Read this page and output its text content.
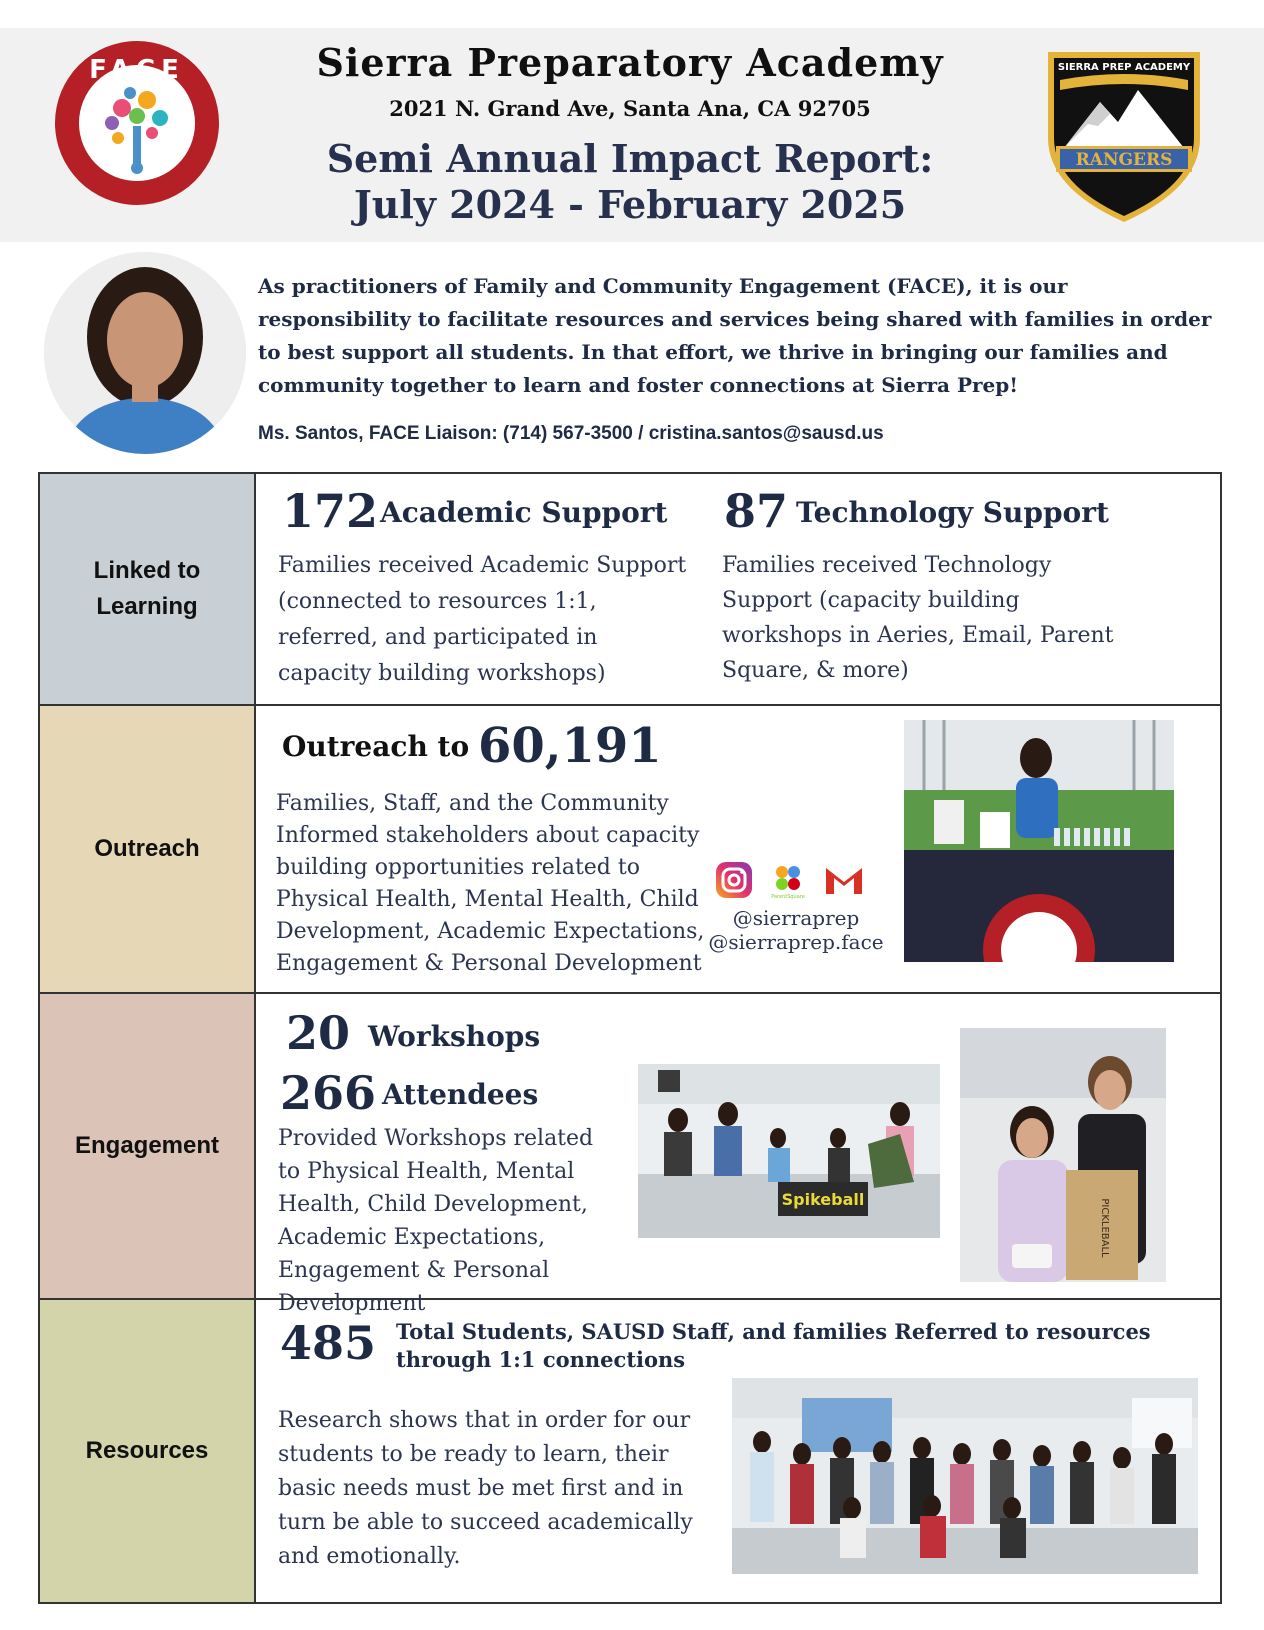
FACE	Sierra Preparatory Academy
2021 N. Grand Ave, Santa Ana, CA 92705
Semi Annual Impact Report:
July 2024 - February 2025
SIERRA PREP ACADEMY
RANGERS
As practitioners of Family and Community Engagement (FACE), it is our responsibility to facilitate resources and services being shared with families in order to best support all students. In that effort, we thrive in bringing our families and community together to learn and foster connections at Sierra Prep!
Ms. Santos, FACE Liaison: (714) 567-3500 / cristina.santos@sausd.us
Linked to
Learning
172 Academic Support
Families received Academic Support (connected to resources 1:1, referred, and participated in capacity building workshops)
87 Technology Support
Families received Technology Support (capacity building workshops in Aeries, Email, Parent Square, & more)
Outreach
Outreach to 60,191
Families, Staff, and the Community Informed stakeholders about capacity building opportunities related to Physical Health, Mental Health, Child Development, Academic Expectations, Engagement & Personal Development
ParentSquare
@sierraprep
@sierraprep.face
Engagement
20 Workshops
266 Attendees
Provided Workshops related to Physical Health, Mental Health, Child Development, Academic Expectations, Engagement & Personal Development
Spikeball	PICKLEBALL
Resources
485 Total Students, SAUSD Staff, and families Referred to resources through 1:1 connections
Research shows that in order for our students to be ready to learn, their basic needs must be met first and in turn be able to succeed academically and emotionally.
